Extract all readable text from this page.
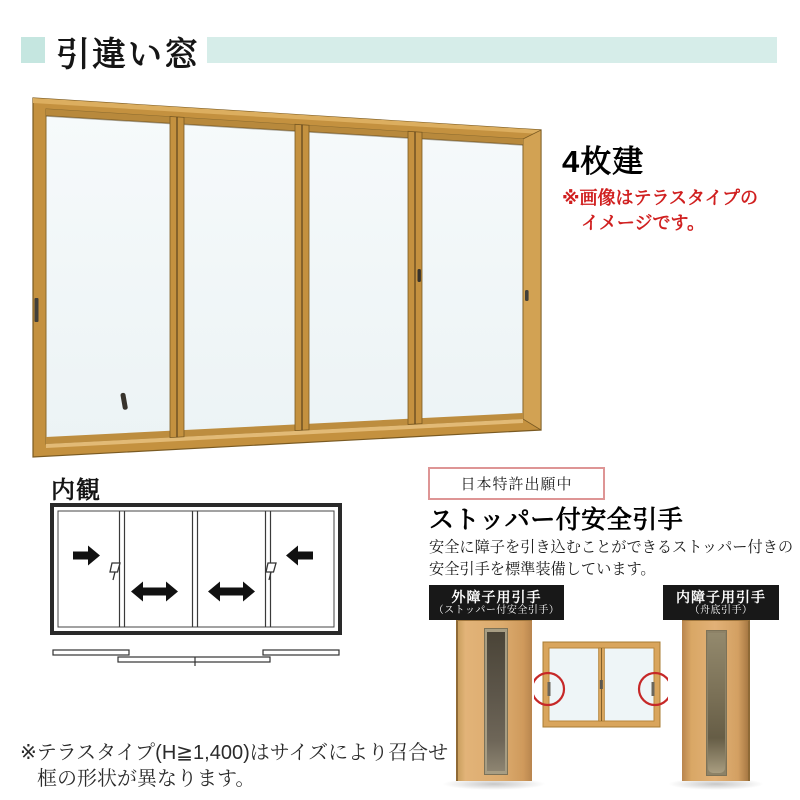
引違い窓
4枚建
※画像はテラスタイプの
イメージです。
内観	日本特許出願中
ストッパー付安全引手
安全に障子を引き込むことができるストッパー付きの
安全引手を標準装備しています。
外障子用引手
（ストッパー付安全引手）
内障子用引手
（舟底引手）
※テラスタイプ(H≧1,400)はサイズにより召合せ
框の形状が異なります。
